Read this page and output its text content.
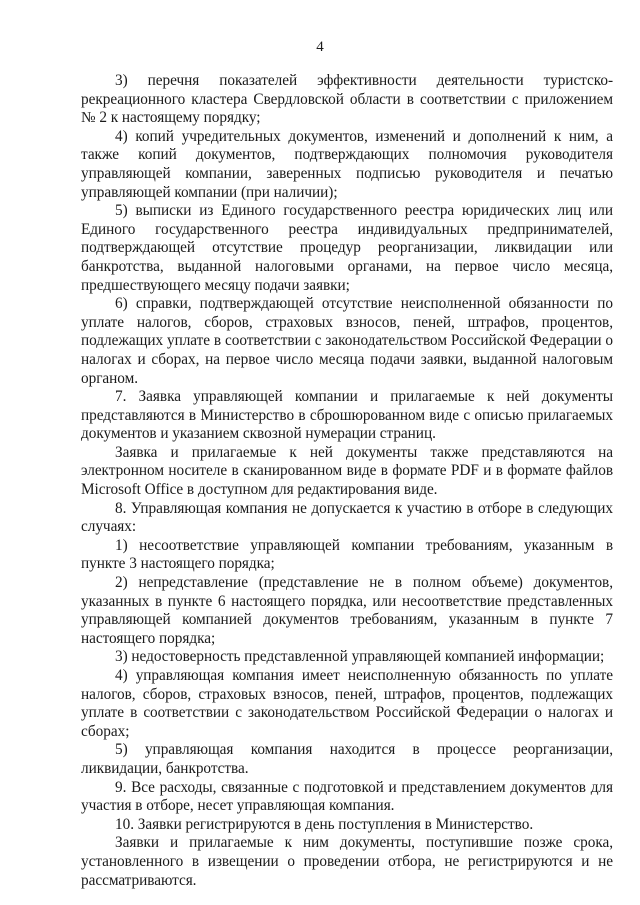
4

3) перечня показателей эффективности деятельности туристско-рекреационного кластера Свердловской области в соответствии с приложением № 2 к настоящему порядку;

4) копий учредительных документов, изменений и дополнений к ним, а также копий документов, подтверждающих полномочия руководителя управляющей компании, заверенных подписью руководителя и печатью управляющей компании (при наличии);

5) выписки из Единого государственного реестра юридических лиц или Единого государственного реестра индивидуальных предпринимателей, подтверждающей отсутствие процедур реорганизации, ликвидации или банкротства, выданной налоговыми органами, на первое число месяца, предшествующего месяцу подачи заявки;

6) справки, подтверждающей отсутствие неисполненной обязанности по уплате налогов, сборов, страховых взносов, пеней, штрафов, процентов, подлежащих уплате в соответствии с законодательством Российской Федерации о налогах и сборах, на первое число месяца подачи заявки, выданной налоговым органом.

7. Заявка управляющей компании и прилагаемые к ней документы представляются в Министерство в сброшюрованном виде с описью прилагаемых документов и указанием сквозной нумерации страниц.

Заявка и прилагаемые к ней документы также представляются на электронном носителе в сканированном виде в формате PDF и в формате файлов Microsoft Office в доступном для редактирования виде.

8. Управляющая компания не допускается к участию в отборе в следующих случаях:

1) несоответствие управляющей компании требованиям, указанным в пункте 3 настоящего порядка;

2) непредставление (представление не в полном объеме) документов, указанных в пункте 6 настоящего порядка, или несоответствие представленных управляющей компанией документов требованиям, указанным в пункте 7 настоящего порядка;

3) недостоверность представленной управляющей компанией информации;

4) управляющая компания имеет неисполненную обязанность по уплате налогов, сборов, страховых взносов, пеней, штрафов, процентов, подлежащих уплате в соответствии с законодательством Российской Федерации о налогах и сборах;

5) управляющая компания находится в процессе реорганизации, ликвидации, банкротства.

9. Все расходы, связанные с подготовкой и представлением документов для участия в отборе, несет управляющая компания.

10. Заявки регистрируются в день поступления в Министерство.

Заявки и прилагаемые к ним документы, поступившие позже срока, установленного в извещении о проведении отбора, не регистрируются и не рассматриваются.
